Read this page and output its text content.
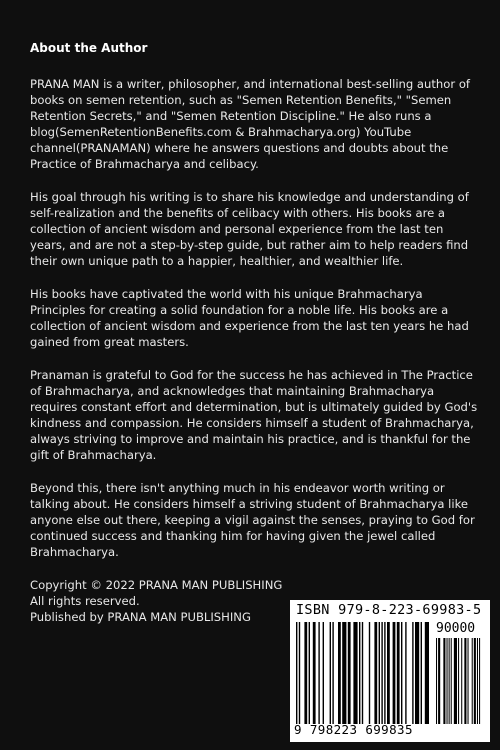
About the Author

PRANA MAN is a writer, philosopher, and international best-selling author of books on semen retention, such as "Semen Retention Benefits," "Semen Retention Secrets," and "Semen Retention Discipline." He also runs a blog(SemenRetentionBenefits.com & Brahmacharya.org) YouTube channel(PRANAMAN) where he answers questions and doubts about the Practice of Brahmacharya and celibacy.

His goal through his writing is to share his knowledge and understanding of self-realization and the benefits of celibacy with others. His books are a collection of ancient wisdom and personal experience from the last ten years, and are not a step-by-step guide, but rather aim to help readers find their own unique path to a happier, healthier, and wealthier life.

His books have captivated the world with his unique Brahmacharya Principles for creating a solid foundation for a noble life. His books are a collection of ancient wisdom and experience from the last ten years he had gained from great masters.

Pranaman is grateful to God for the success he has achieved in The Practice of Brahmacharya, and acknowledges that maintaining Brahmacharya requires constant effort and determination, but is ultimately guided by God's kindness and compassion. He considers himself a student of Brahmacharya, always striving to improve and maintain his practice, and is thankful for the gift of Brahmacharya.

Beyond this, there isn't anything much in his endeavor worth writing or talking about. He considers himself a striving student of Brahmacharya like anyone else out there, keeping a vigil against the senses, praying to God for continued success and thanking him for having given the jewel called Brahmacharya.

Copyright © 2022 PRANA MAN PUBLISHING
All rights reserved.
Published by PRANA MAN PUBLISHING	ISBN 979-8-223-69983-5
90000
9 798223 699835
